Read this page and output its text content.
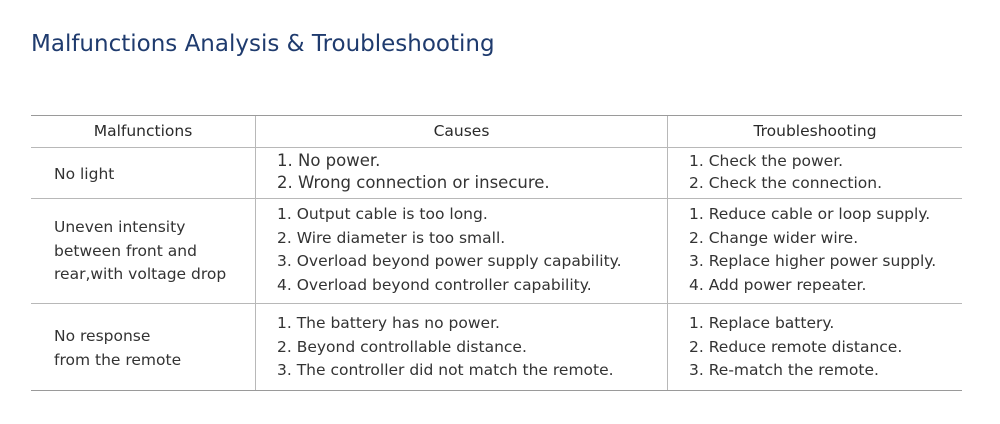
Malfunctions Analysis & Troubleshooting
Malfunctions	Causes	Troubleshooting
No light
1. No power.
2. Wrong connection or insecure.
1. Check the power.
2. Check the connection.
Uneven intensity
between front and
rear,with voltage drop
1. Output cable is too long.
2. Wire diameter is too small.
3. Overload beyond power supply capability.
4. Overload beyond controller capability.
1. Reduce cable or loop supply.
2. Change wider wire.
3. Replace higher power supply.
4. Add power repeater.
No response
from the remote
1. The battery has no power.
2. Beyond controllable distance.
3. The controller did not match the remote.
1. Replace battery.
2. Reduce remote distance.
3. Re-match the remote.
